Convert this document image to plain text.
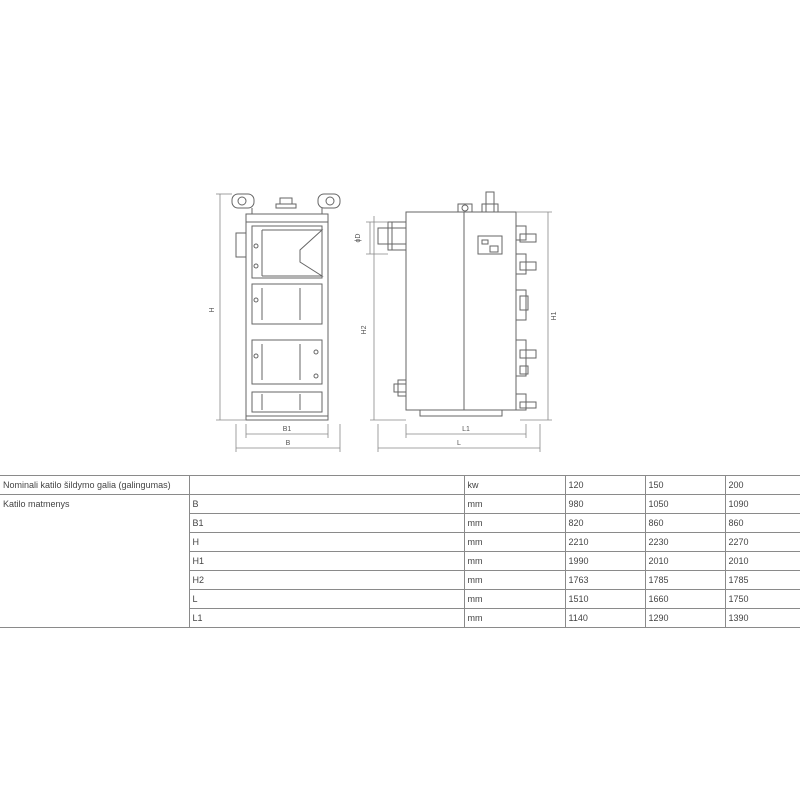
H
B1
B
ϕD
H2
H1
L1
L
Nominali katilo šildymo galia (galingumas)		kw	120	150	200
Katilo matmenys	B	mm	980	1050	1090
	B1	mm	820	860	860
	H	mm	2210	2230	2270
	H1	mm	1990	2010	2010
	H2	mm	1763	1785	1785
	L	mm	1510	1660	1750
	L1	mm	1140	1290	1390
